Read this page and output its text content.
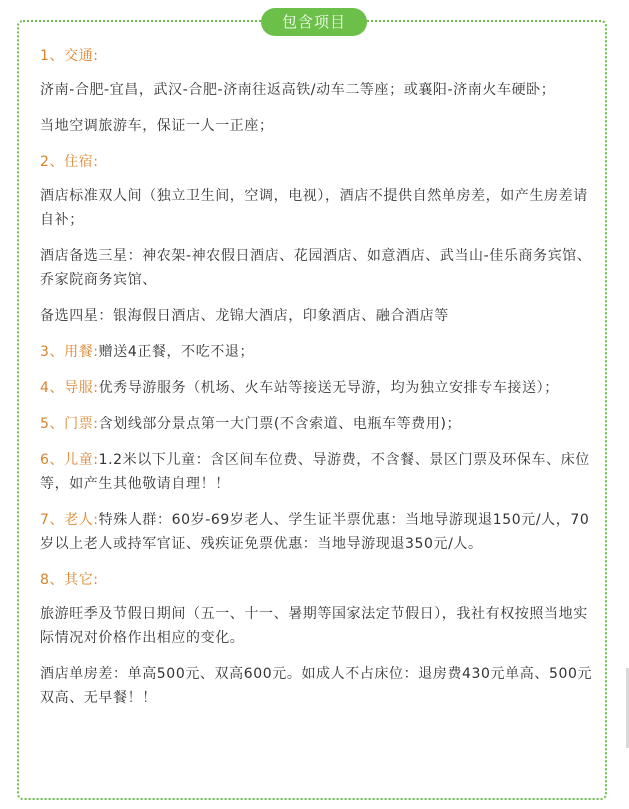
包含项目

1、交通:

济南-合肥-宜昌，武汉-合肥-济南往返高铁/动车二等座；或襄阳-济南火车硬卧；

当地空调旅游车，保证一人一正座；

2、住宿:

酒店标准双人间（独立卫生间，空调，电视），酒店不提供自然单房差，如产生房差请自补；

酒店备选三星：神农架-神农假日酒店、花园酒店、如意酒店、武当山-佳乐商务宾馆、乔家院商务宾馆、

备选四星：银海假日酒店、龙锦大酒店，印象酒店、融合酒店等

3、用餐:赠送4正餐，不吃不退；

4、导服:优秀导游服务（机场、火车站等接送无导游，均为独立安排专车接送）；

5、门票:含划线部分景点第一大门票(不含索道、电瓶车等费用)；

6、儿童:1.2米以下儿童：含区间车位费、导游费，不含餐、景区门票及环保车、床位等，如产生其他敬请自理！！

7、老人:特殊人群：60岁-69岁老人、学生证半票优惠：当地导游现退150元/人，70岁以上老人或持军官证、残疾证免票优惠：当地导游现退350元/人。

8、其它:

旅游旺季及节假日期间（五一、十一、暑期等国家法定节假日），我社有权按照当地实际情况对价格作出相应的变化。

酒店单房差：单高500元、双高600元。如成人不占床位：退房费430元单高、500元双高、无早餐！！
